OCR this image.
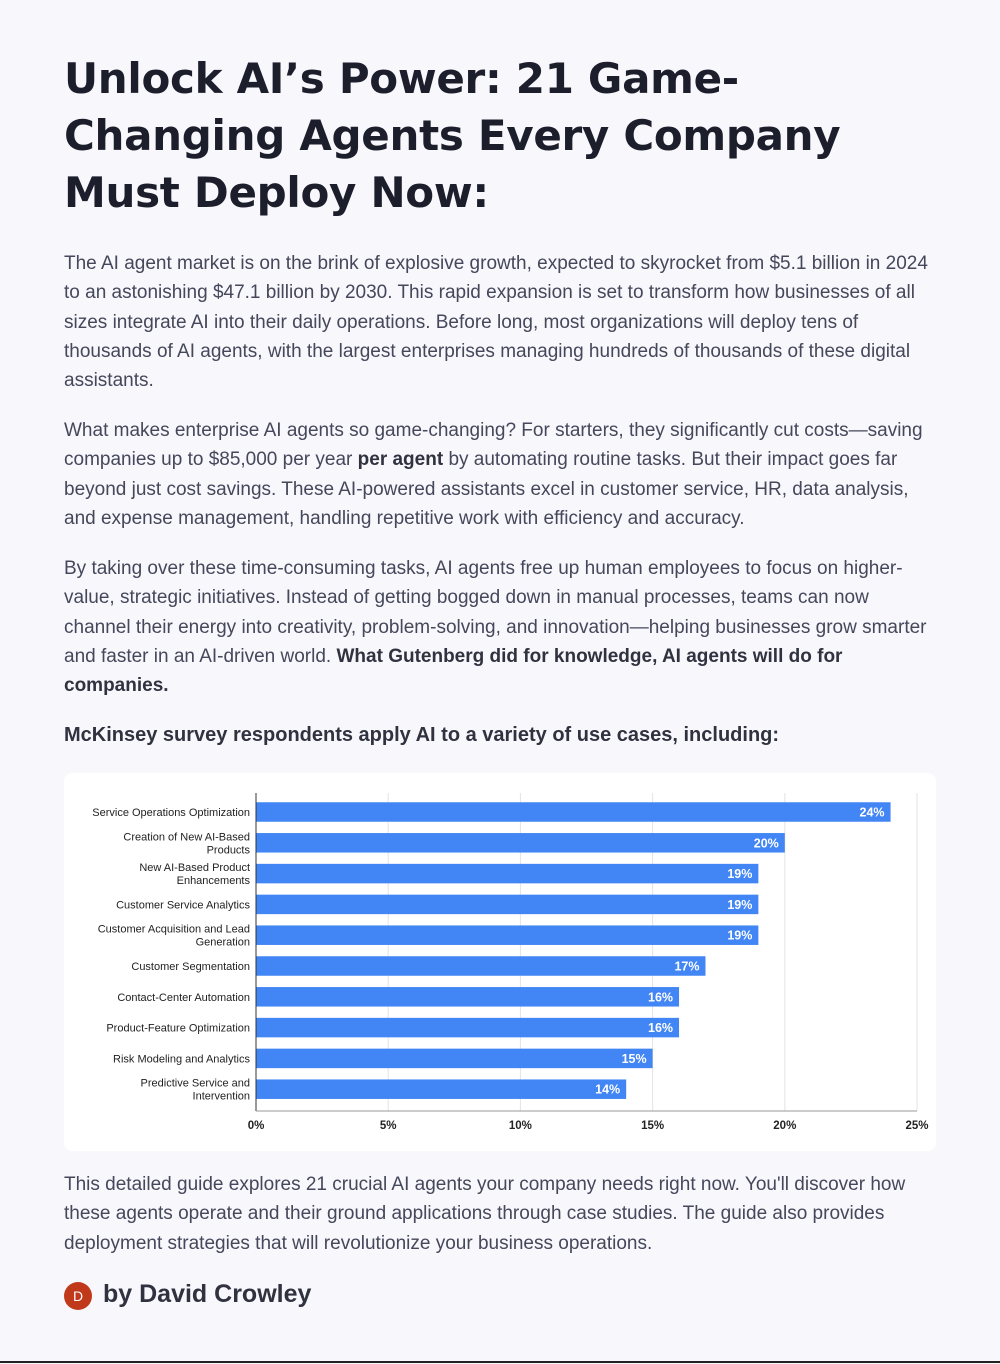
Unlock AI’s Power: 21 Game-Changing Agents Every Company Must Deploy Now:

The AI agent market is on the brink of explosive growth, expected to skyrocket from $5.1 billion in 2024 to an astonishing $47.1 billion by 2030. This rapid expansion is set to transform how businesses of all sizes integrate AI into their daily operations. Before long, most organizations will deploy tens of thousands of AI agents, with the largest enterprises managing hundreds of thousands of these digital assistants.

What makes enterprise AI agents so game-changing? For starters, they significantly cut costs—saving companies up to $85,000 per year per agent by automating routine tasks. But their impact goes far beyond just cost savings. These AI-powered assistants excel in customer service, HR, data analysis, and expense management, handling repetitive work with efficiency and accuracy.

By taking over these time-consuming tasks, AI agents free up human employees to focus on higher-value, strategic initiatives. Instead of getting bogged down in manual processes, teams can now channel their energy into creativity, problem-solving, and innovation—helping businesses grow smarter and faster in an AI-driven world. What Gutenberg did for knowledge, AI agents will do for companies.

McKinsey survey respondents apply AI to a variety of use cases, including:

24%
Service Operations Optimization
20%
Creation of New AI-Based
Products
19%
New AI-Based Product
Enhancements
19%
Customer Service Analytics
19%
Customer Acquisition and Lead
Generation
17%
Customer Segmentation
16%
Contact-Center Automation
16%
Product-Feature Optimization
15%
Risk Modeling and Analytics
14%
Predictive Service and
Intervention
0%	5%	10%	15%	20%	25%

This detailed guide explores 21 crucial AI agents your company needs right now. You'll discover how these agents operate and their ground applications through case studies. The guide also provides deployment strategies that will revolutionize your business operations.

D by David Crowley
